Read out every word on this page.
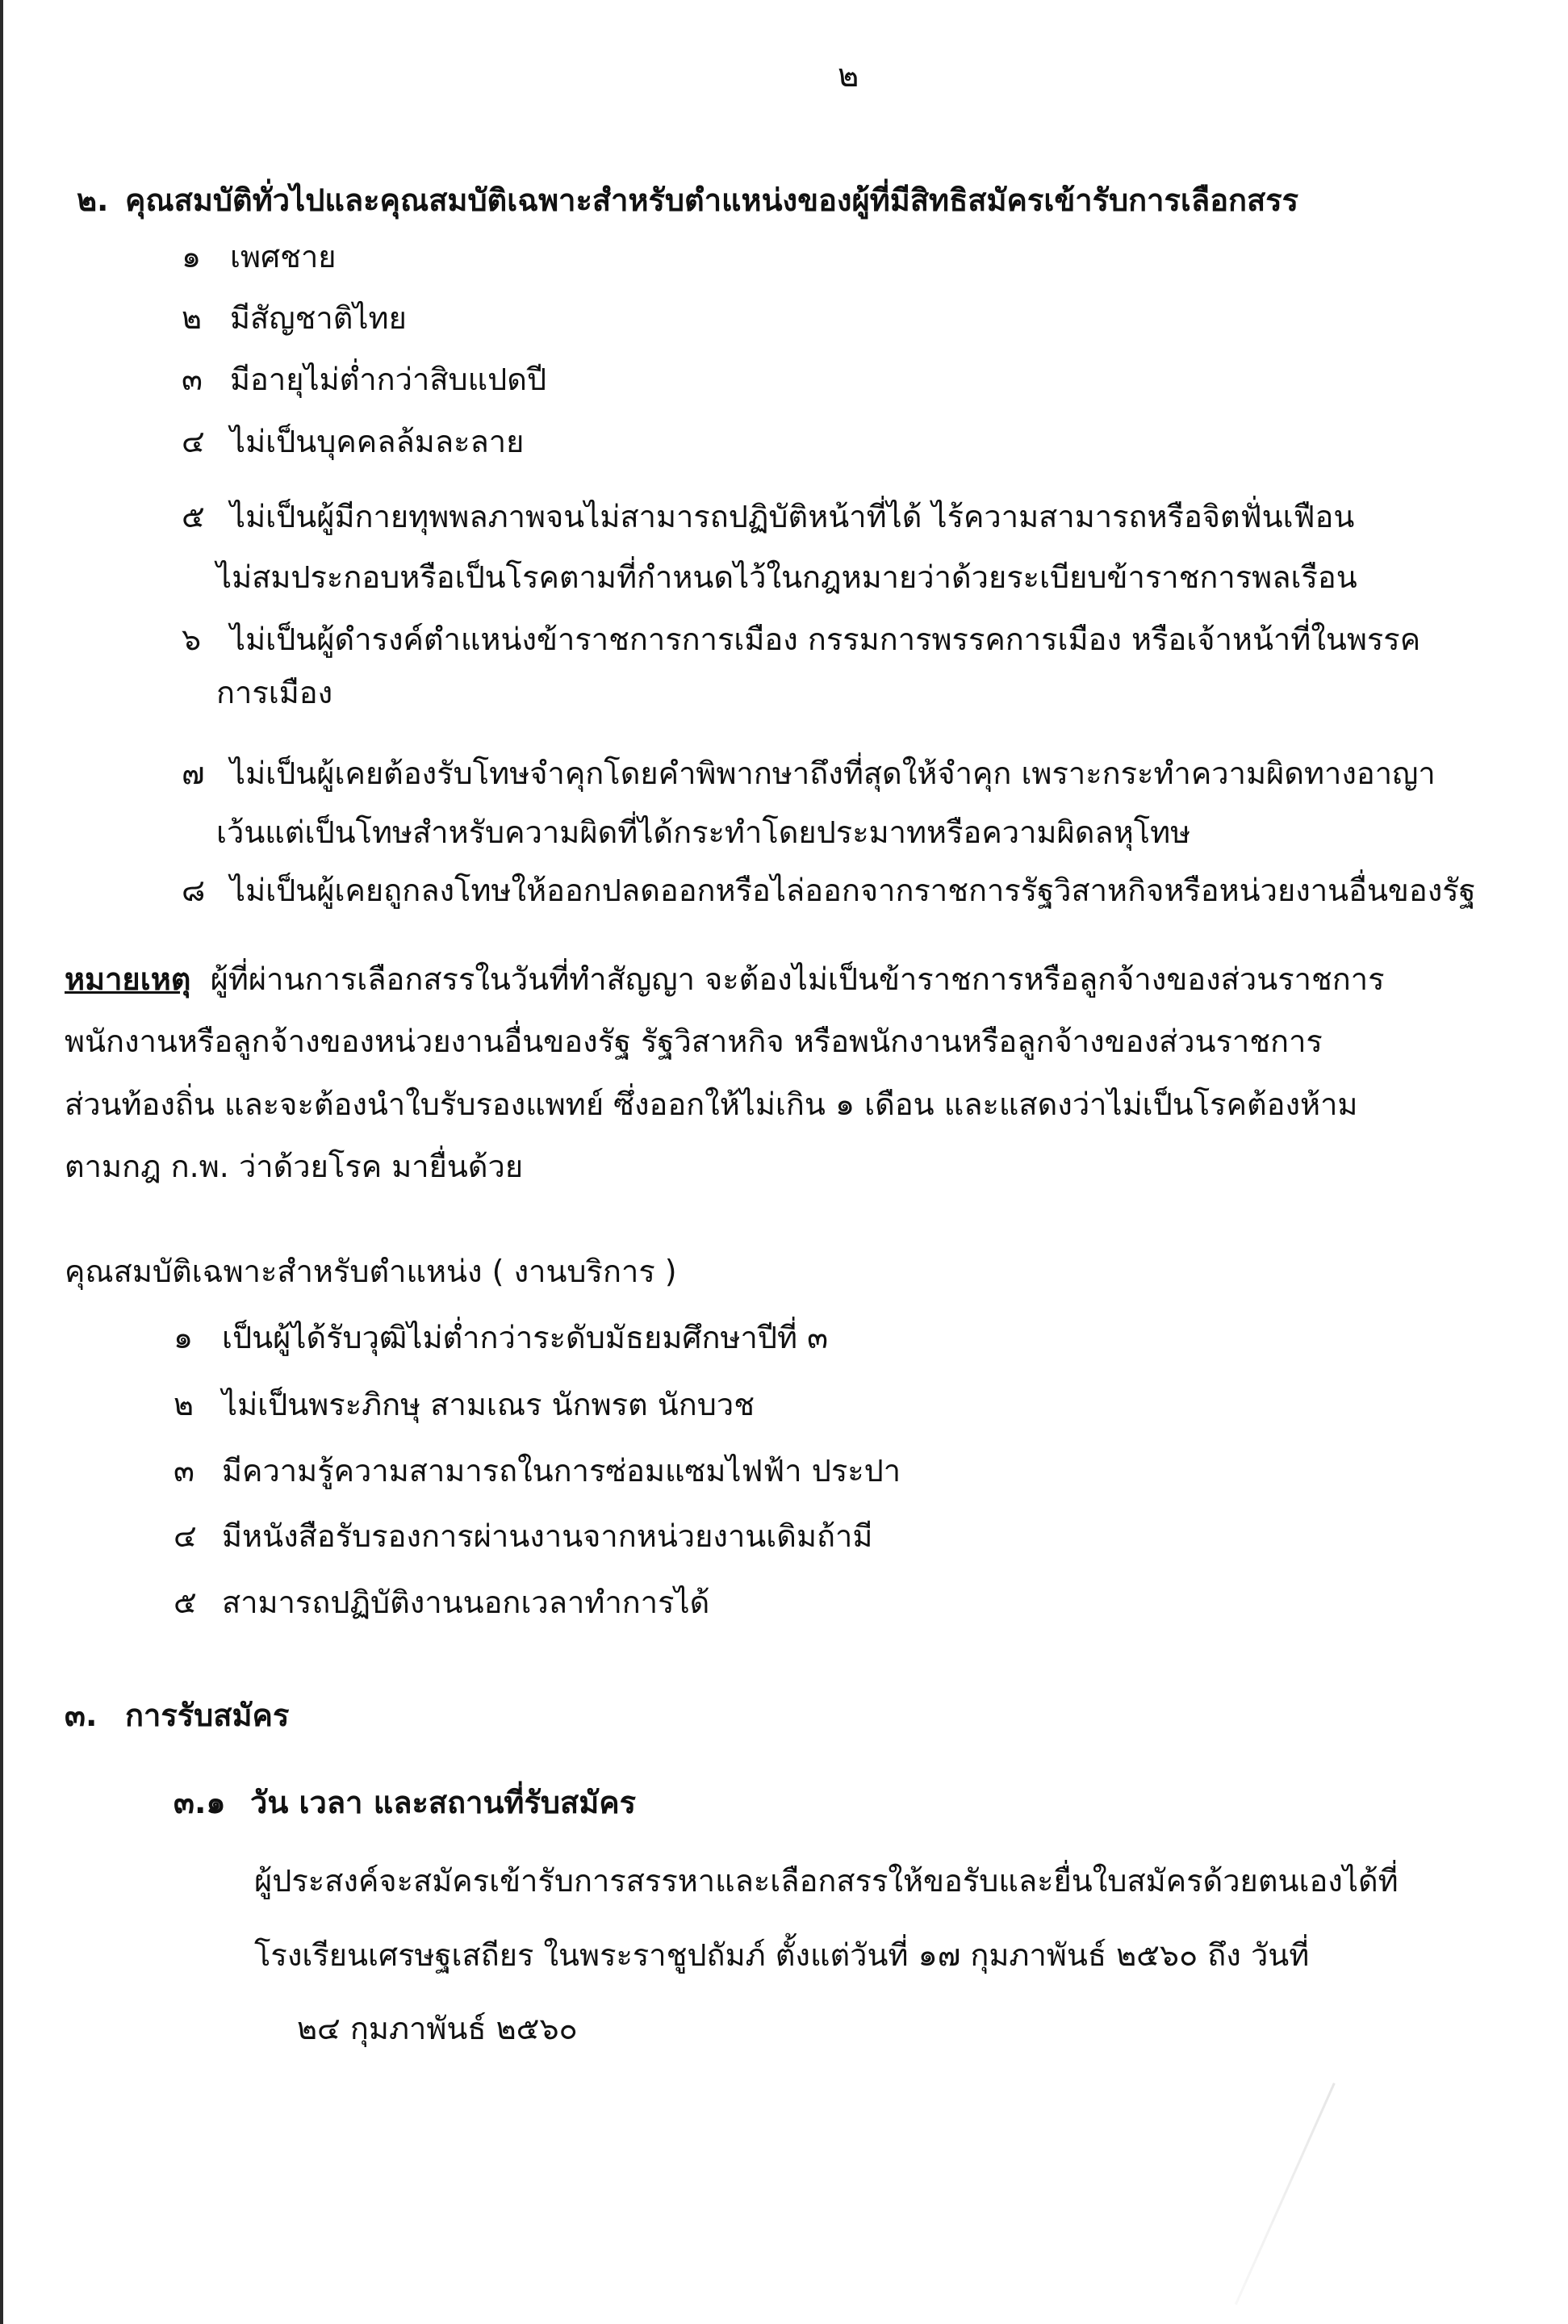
๒
๒. คุณสมบัติทั่วไปและคุณสมบัติเฉพาะสำหรับตำแหน่งของผู้ที่มีสิทธิสมัครเข้ารับการเลือกสรร
๑ เพศชาย
๒ มีสัญชาติไทย
๓ มีอายุไม่ต่ำกว่าสิบแปดปี
๔ ไม่เป็นบุคคลล้มละลาย
๕ ไม่เป็นผู้มีกายทุพพลภาพจนไม่สามารถปฏิบัติหน้าที่ได้ ไร้ความสามารถหรือจิตฟั่นเฟือน
ไม่สมประกอบหรือเป็นโรคตามที่กำหนดไว้ในกฎหมายว่าด้วยระเบียบข้าราชการพลเรือน
๖ ไม่เป็นผู้ดำรงค์ตำแหน่งข้าราชการการเมือง กรรมการพรรคการเมือง หรือเจ้าหน้าที่ในพรรค
การเมือง
๗ ไม่เป็นผู้เคยต้องรับโทษจำคุกโดยคำพิพากษาถึงที่สุดให้จำคุก เพราะกระทำความผิดทางอาญา
เว้นแต่เป็นโทษสำหรับความผิดที่ได้กระทำโดยประมาทหรือความผิดลหุโทษ
๘ ไม่เป็นผู้เคยถูกลงโทษให้ออกปลดออกหรือไล่ออกจากราชการรัฐวิสาหกิจหรือหน่วยงานอื่นของรัฐ
หมายเหตุ ผู้ที่ผ่านการเลือกสรรในวันที่ทำสัญญา จะต้องไม่เป็นข้าราชการหรือลูกจ้างของส่วนราชการ
พนักงานหรือลูกจ้างของหน่วยงานอื่นของรัฐ รัฐวิสาหกิจ หรือพนักงานหรือลูกจ้างของส่วนราชการ
ส่วนท้องถิ่น และจะต้องนำใบรับรองแพทย์ ซึ่งออกให้ไม่เกิน ๑ เดือน และแสดงว่าไม่เป็นโรคต้องห้าม
ตามกฎ ก.พ. ว่าด้วยโรค มายื่นด้วย
คุณสมบัติเฉพาะสำหรับตำแหน่ง ( งานบริการ )
๑ เป็นผู้ได้รับวุฒิไม่ต่ำกว่าระดับมัธยมศึกษาปีที่ ๓
๒ ไม่เป็นพระภิกษุ สามเณร นักพรต นักบวช
๓ มีความรู้ความสามารถในการซ่อมแซมไฟฟ้า ประปา
๔ มีหนังสือรับรองการผ่านงานจากหน่วยงานเดิมถ้ามี
๕ สามารถปฏิบัติงานนอกเวลาทำการได้
๓. การรับสมัคร
๓.๑ วัน เวลา และสถานที่รับสมัคร
ผู้ประสงค์จะสมัครเข้ารับการสรรหาและเลือกสรรให้ขอรับและยื่นใบสมัครด้วยตนเองได้ที่
โรงเรียนเศรษฐเสถียร ในพระราชูปถัมภ์ ตั้งแต่วันที่ ๑๗ กุมภาพันธ์ ๒๕๖๐ ถึง วันที่
๒๔ กุมภาพันธ์ ๒๕๖๐
